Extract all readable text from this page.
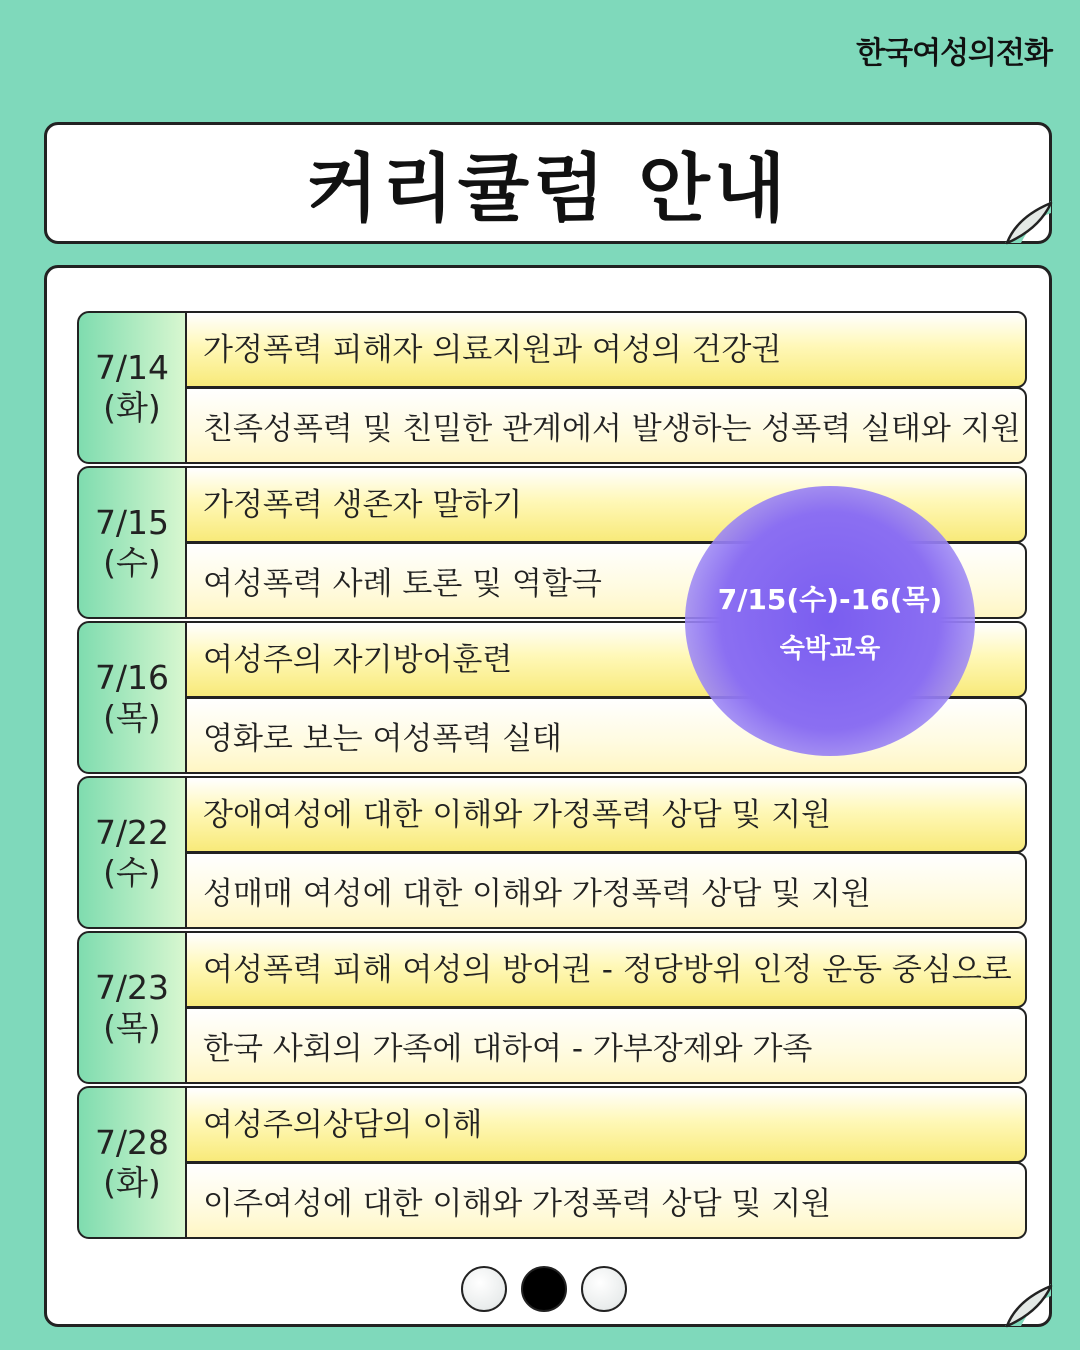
한국여성의전화
커리큘럼 안내
7/14
(화)
가정폭력 피해자 의료지원과 여성의 건강권
친족성폭력 및 친밀한 관계에서 발생하는 성폭력 실태와 지원
7/15
(수)
가정폭력 생존자 말하기
여성폭력 사례 토론 및 역할극
7/16
(목)
여성주의 자기방어훈련
영화로 보는 여성폭력 실태
7/22
(수)
장애여성에 대한 이해와 가정폭력 상담 및 지원
성매매 여성에 대한 이해와 가정폭력 상담 및 지원
7/23
(목)
여성폭력 피해 여성의 방어권 - 정당방위 인정 운동 중심으로
한국 사회의 가족에 대하여 - 가부장제와 가족
7/28
(화)
여성주의상담의 이해
이주여성에 대한 이해와 가정폭력 상담 및 지원
7/15(수)-16(목)
숙박교육
